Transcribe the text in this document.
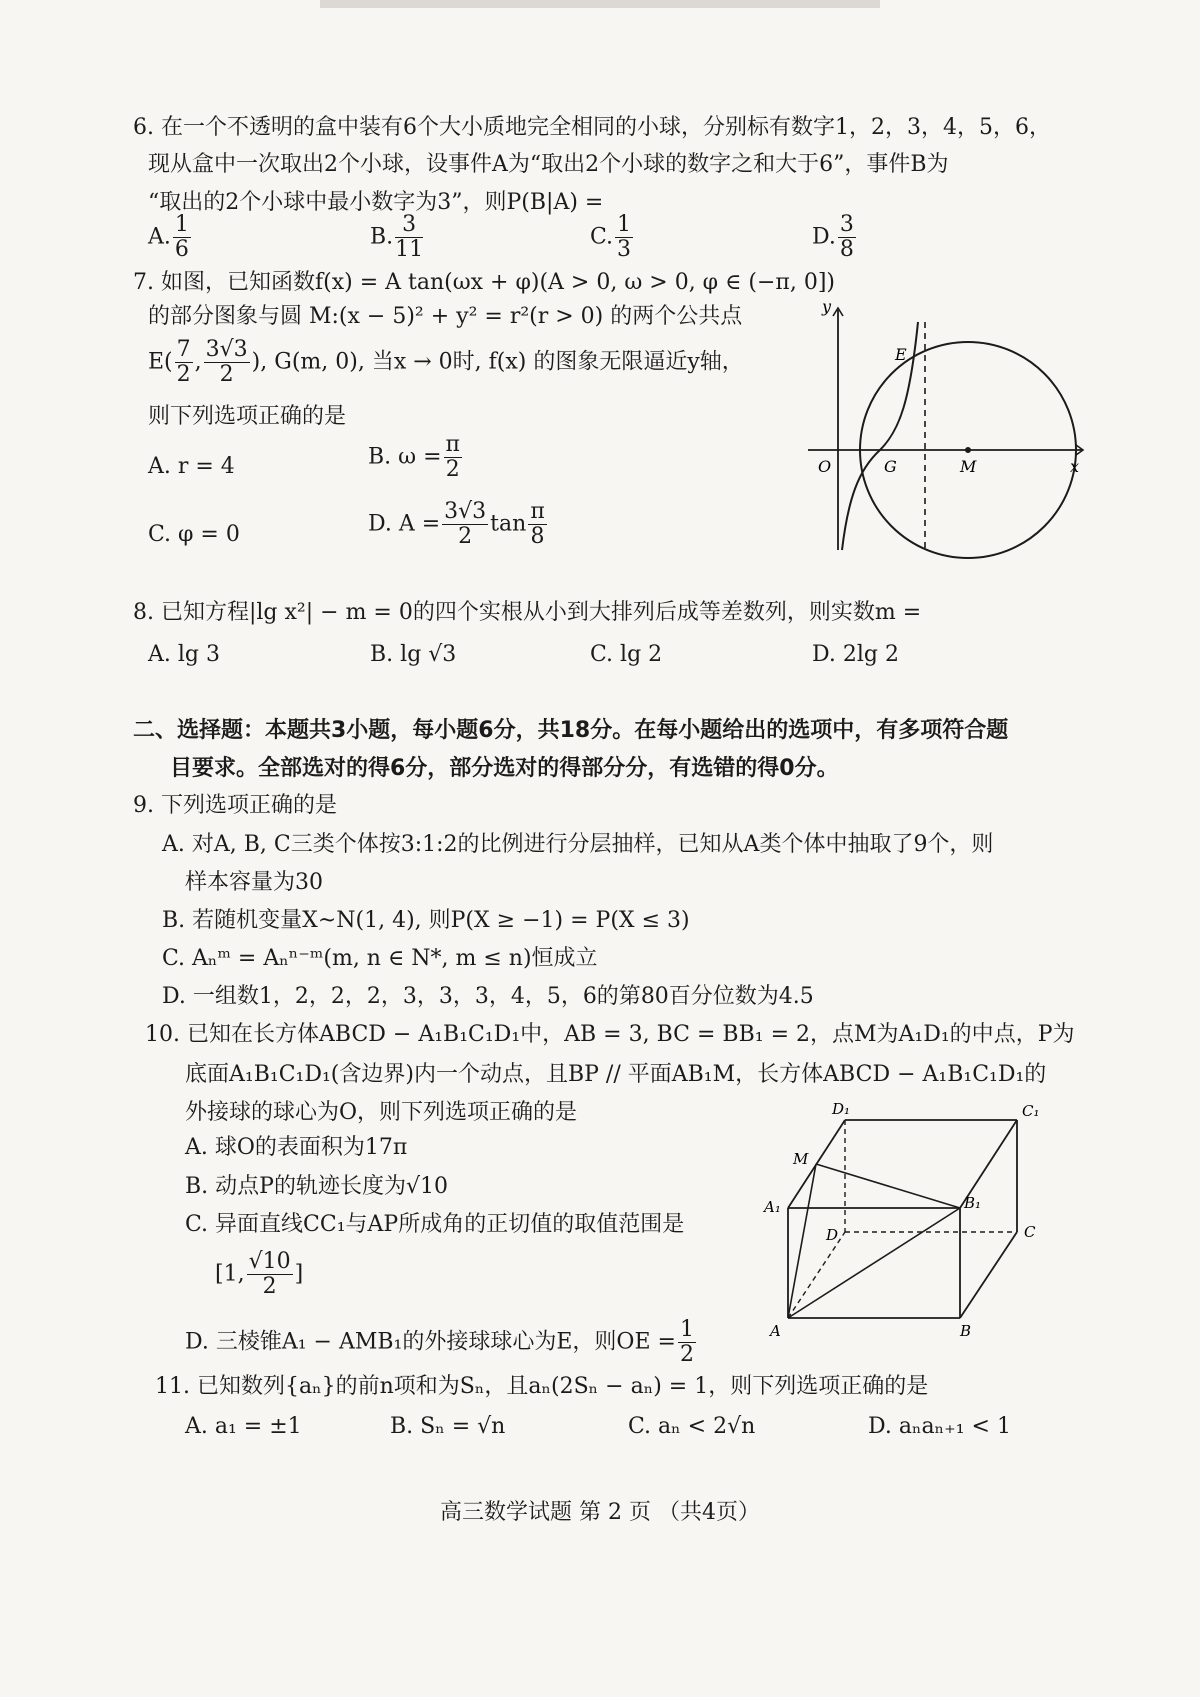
6. 在一个不透明的盒中装有6个大小质地完全相同的小球，分别标有数字1，2，3，4，5，6，
现从盒中一次取出2个小球，设事件A为“取出2个小球的数字之和大于6”，事件B为
“取出的2个小球中最小数字为3”，则P(B|A) =
A. $\frac{1}{6}$	B. $\frac{3}{11}$	C. $\frac{1}{3}$	D. $\frac{3}{8}$
7. 如图，已知函数f(x) = A tan(ωx + φ)(A > 0, ω > 0, φ ∈ (−π, 0])
的部分图象与圆 M:(x − 5)² + y² = r²(r > 0) 的两个公共点
$E( \frac{7}{2}$ , $\frac{3√3}{2}$ ), G(m, 0), 当x → 0时, f(x) 的图象无限逼近y轴，
则下列选项正确的是
A. r = 4	B. $\omega = \frac{\pi}{2}$
C. φ = 0	D. $A = \frac{3√3}{2}$ $\tan \frac{\pi}{8}$
y
O	G	M	x
E
8. 已知方程|lg x²| − m = 0的四个实根从小到大排列后成等差数列，则实数m =
A. lg 3	B. lg √3	C. lg 2	D. 2lg 2
二、选择题：本题共3小题，每小题6分，共18分。在每小题给出的选项中，有多项符合题
目要求。全部选对的得6分，部分选对的得部分分，有选错的得0分。
9. 下列选项正确的是
A. 对A, B, C三类个体按3:1:2的比例进行分层抽样，已知从A类个体中抽取了9个，则
样本容量为30
B. 若随机变量X~N(1, 4), 则P(X ≥ −1) = P(X ≤ 3)
C. Aₙᵐ = Aₙⁿ⁻ᵐ(m, n ∈ N*, m ≤ n)恒成立
D. 一组数1，2，2，2，3，3，3，4，5，6的第80百分位数为4.5
10. 已知在长方体ABCD − A₁B₁C₁D₁中，AB = 3, BC = BB₁ = 2，点M为A₁D₁的中点，P为
底面A₁B₁C₁D₁(含边界)内一个动点，且BP // 平面AB₁M，长方体ABCD − A₁B₁C₁D₁的
外接球的球心为O，则下列选项正确的是
A. 球O的表面积为17π
B. 动点P的轨迹长度为√10
C. 异面直线CC₁与AP所成角的正切值的取值范围是
[1, $\frac{√10}{2}$ ]
D. 三棱锥A₁ − AMB₁的外接球球心为E，则OE = $\frac{1}{2}$
D₁	C₁
M
A₁	B₁
D	C
A	B
11. 已知数列{aₙ}的前n项和为Sₙ，且aₙ(2Sₙ − aₙ) = 1，则下列选项正确的是
A. a₁ = ±1	B. Sₙ = √n	C. aₙ < 2√n	D. aₙaₙ₊₁ < 1
高三数学试题 第 2 页 （共4页）
